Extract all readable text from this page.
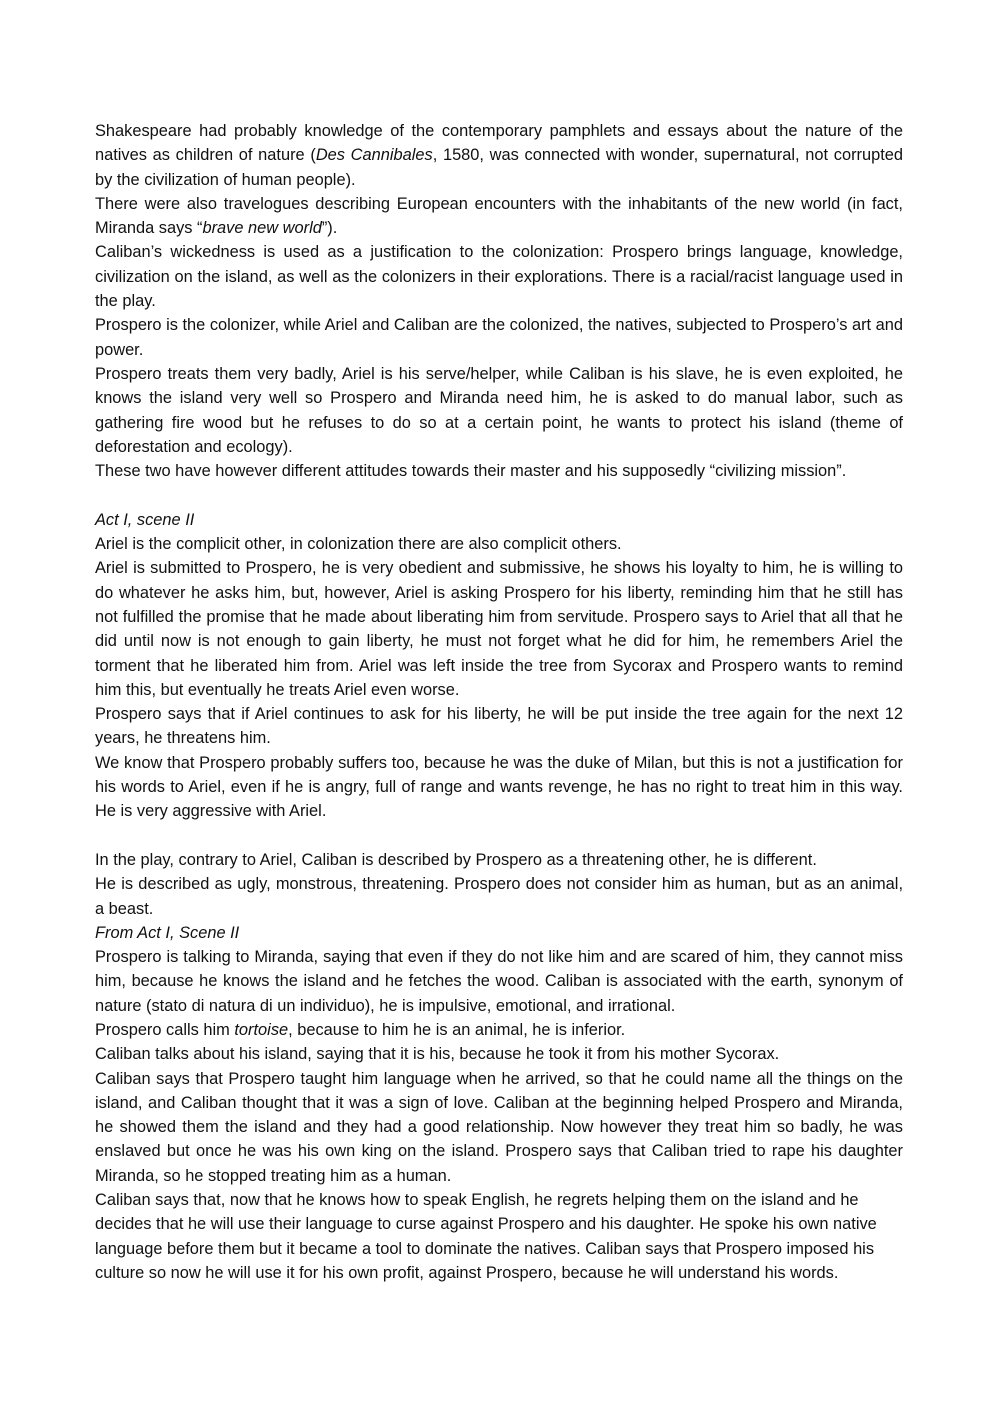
Shakespeare had probably knowledge of the contemporary pamphlets and essays about the nature of the natives as children of nature (Des Cannibales, 1580, was connected with wonder, supernatural, not corrupted by the civilization of human people).

There were also travelogues describing European encounters with the inhabitants of the new world (in fact, Miranda says “brave new world”).

Caliban’s wickedness is used as a justification to the colonization: Prospero brings language, knowledge, civilization on the island, as well as the colonizers in their explorations. There is a racial/racist language used in the play.

Prospero is the colonizer, while Ariel and Caliban are the colonized, the natives, subjected to Prospero’s art and power.

Prospero treats them very badly, Ariel is his serve/helper, while Caliban is his slave, he is even exploited, he knows the island very well so Prospero and Miranda need him, he is asked to do manual labor, such as gathering fire wood but he refuses to do so at a certain point, he wants to protect his island (theme of deforestation and ecology).

These two have however different attitudes towards their master and his supposedly “civilizing mission”.

Act I, scene II

Ariel is the complicit other, in colonization there are also complicit others.

Ariel is submitted to Prospero, he is very obedient and submissive, he shows his loyalty to him, he is willing to do whatever he asks him, but, however, Ariel is asking Prospero for his liberty, reminding him that he still has not fulfilled the promise that he made about liberating him from servitude. Prospero says to Ariel that all that he did until now is not enough to gain liberty, he must not forget what he did for him, he remembers Ariel the torment that he liberated him from. Ariel was left inside the tree from Sycorax and Prospero wants to remind him this, but eventually he treats Ariel even worse.

Prospero says that if Ariel continues to ask for his liberty, he will be put inside the tree again for the next 12 years, he threatens him.

We know that Prospero probably suffers too, because he was the duke of Milan, but this is not a justification for his words to Ariel, even if he is angry, full of range and wants revenge, he has no right to treat him in this way. He is very aggressive with Ariel.

In the play, contrary to Ariel, Caliban is described by Prospero as a threatening other, he is different.

He is described as ugly, monstrous, threatening. Prospero does not consider him as human, but as an animal, a beast.

From Act I, Scene II

Prospero is talking to Miranda, saying that even if they do not like him and are scared of him, they cannot miss him, because he knows the island and he fetches the wood. Caliban is associated with the earth, synonym of nature (stato di natura di un individuo), he is impulsive, emotional, and irrational.

Prospero calls him tortoise, because to him he is an animal, he is inferior.

Caliban talks about his island, saying that it is his, because he took it from his mother Sycorax.

Caliban says that Prospero taught him language when he arrived, so that he could name all the things on the island, and Caliban thought that it was a sign of love. Caliban at the beginning helped Prospero and Miranda, he showed them the island and they had a good relationship. Now however they treat him so badly, he was enslaved but once he was his own king on the island. Prospero says that Caliban tried to rape his daughter Miranda, so he stopped treating him as a human.

Caliban says that, now that he knows how to speak English, he regrets helping them on the island and he decides that he will use their language to curse against Prospero and his daughter. He spoke his own native language before them but it became a tool to dominate the natives. Caliban says that Prospero imposed his culture so now he will use it for his own profit, against Prospero, because he will understand his words.
